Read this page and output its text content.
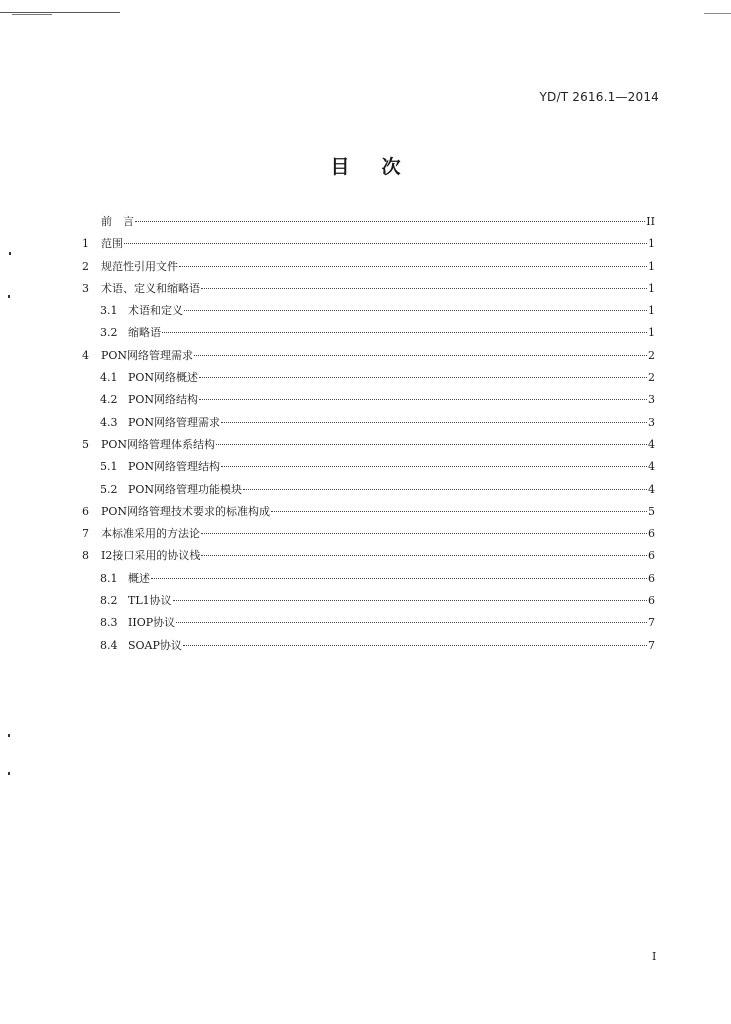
YD/T 2616.1—2014
目 次
前　言	II
1	范围	1
2	规范性引用文件	1
3	术语、定义和缩略语	1
3.1 术语和定义	1
3.2 缩略语	1
4	PON网络管理需求	2
4.1 PON网络概述	2
4.2 PON网络结构	3
4.3 PON网络管理需求	3
5	PON网络管理体系结构	4
5.1 PON网络管理结构	4
5.2 PON网络管理功能模块	4
6	PON网络管理技术要求的标准构成	5
7	本标准采用的方法论	6
8	I2接口采用的协议栈	6
8.1 概述	6
8.2 TL1协议	6
8.3 IIOP协议	7
8.4 SOAP协议	7
I
